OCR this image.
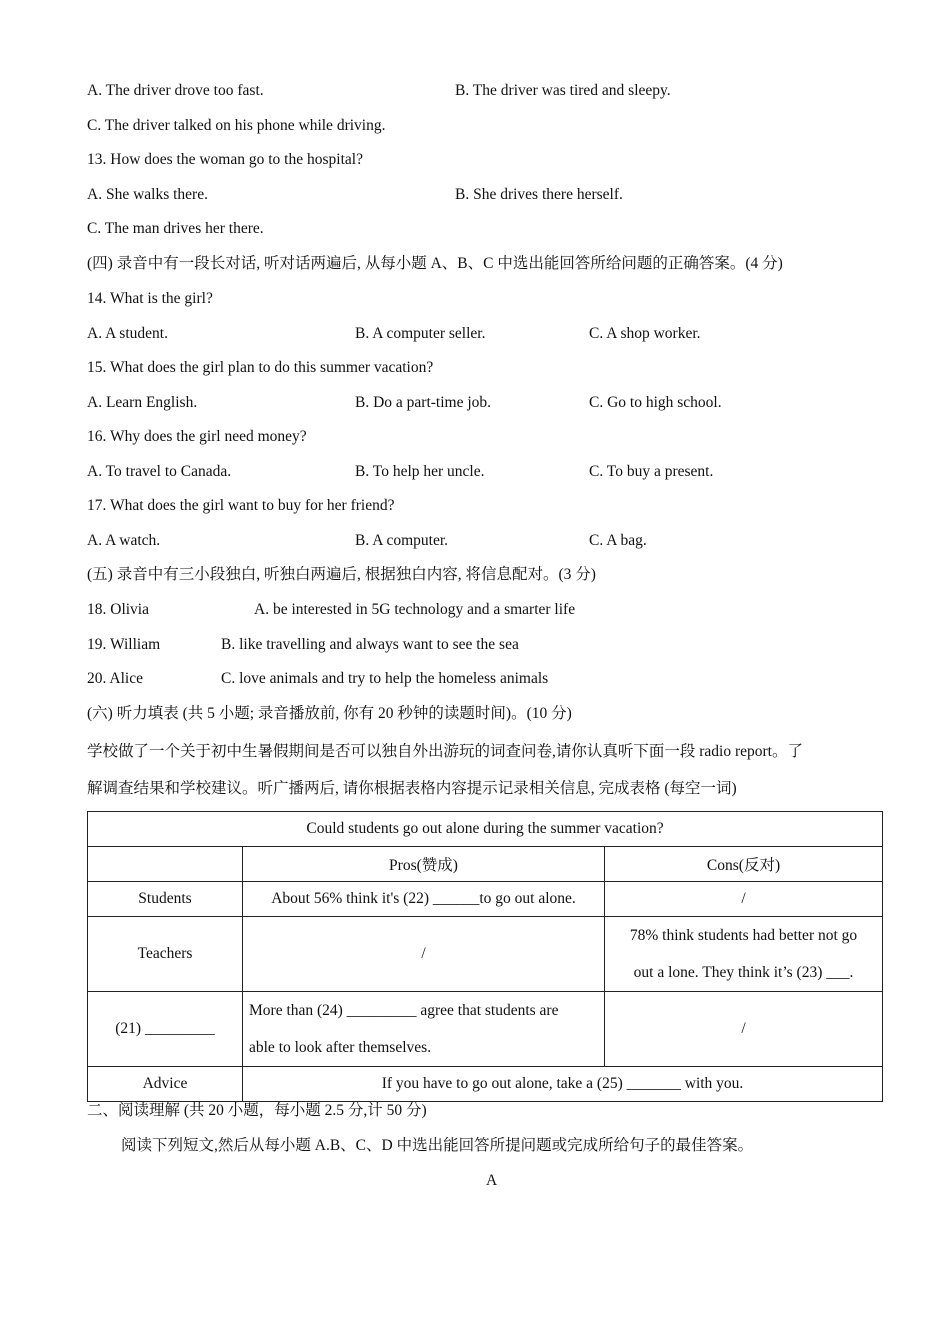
A. The driver drove too fast.	B. The driver was tired and sleepy.
C. The driver talked on his phone while driving.
13. How does the woman go to the hospital?
A. She walks there.	B. She drives there herself.
C. The man drives her there.
(四) 录音中有一段长对话, 听对话两遍后, 从每小题 A、B、C 中选出能回答所给问题的正确答案。(4 分)
14. What is the girl?
A. A student.	B. A computer seller.	C. A shop worker.
15. What does the girl plan to do this summer vacation?
A. Learn English.	B. Do a part-time job.	C. Go to high school.
16. Why does the girl need money?
A. To travel to Canada.	B. To help her uncle.	C. To buy a present.
17. What does the girl want to buy for her friend?
A. A watch.	B. A computer.	C. A bag.
(五) 录音中有三小段独白, 听独白两遍后, 根据独白内容, 将信息配对。(3 分)
18. Olivia	A. be interested in 5G technology and a smarter life
19. William	B. like travelling and always want to see the sea
20. Alice	C. love animals and try to help the homeless animals
(六) 听力填表 (共 5 小题; 录音播放前, 你有 20 秒钟的读题时间)。(10 分)
学校做了一个关于初中生暑假期间是否可以独自外出游玩的词查问卷,请你认真听下面一段 radio report。了
解调查结果和学校建议。听广播两后, 请你根据表格内容提示记录相关信息, 完成表格 (每空一词)
Could students go out alone during the summer vacation?		
	Pros(赞成)	Cons(反对)
Students	About 56% think it's (22) ______to go out alone.	/
Teachers	/	78% think students had better not go
out a lone. They think it’s (23) ___.

(21) _________	More than (24) _________ agree that students are
able to look after themselves.	/
Advice	If you have to go out alone, take a (25) _______ with you.	
二、阅读理解 (共 20 小题，每小题 2.5 分,计 50 分)
阅读下列短文,然后从每小题 A.B、C、D 中选出能回答所提问题或完成所给句子的最佳答案。
A
